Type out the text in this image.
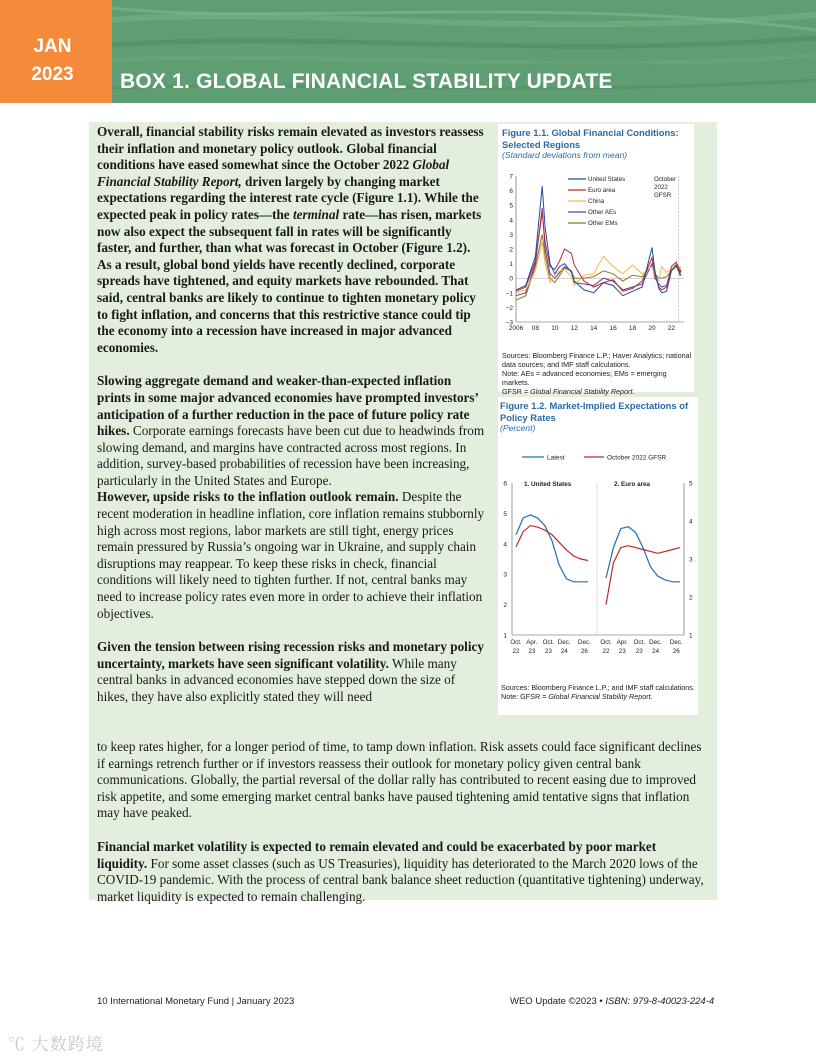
JAN
2023	BOX 1. GLOBAL FINANCIAL STABILITY UPDATE

Overall, financial stability risks remain elevated as investors reassess their inflation and monetary policy outlook. Global financial conditions have eased somewhat since the October 2022 Global Financial Stability Report, driven largely by changing market expectations regarding the interest rate cycle (Figure 1.1). While the expected peak in policy rates—the terminal rate—has risen, markets now also expect the subsequent fall in rates will be significantly faster, and further, than what was forecast in October (Figure 1.2). As a result, global bond yields have recently declined, corporate spreads have tightened, and equity markets have rebounded. That said, central banks are likely to continue to tighten monetary policy to fight inflation, and concerns that this restrictive stance could tip the economy into a recession have increased in major advanced economies.

Slowing aggregate demand and weaker-than-expected inflation prints in some major advanced economies have prompted investors’ anticipation of a further reduction in the pace of future policy rate hikes. Corporate earnings forecasts have been cut due to headwinds from slowing demand, and margins have contracted across most regions. In addition, survey-based probabilities of recession have been increasing, particularly in the United States and Europe.

However, upside risks to the inflation outlook remain. Despite the recent moderation in headline inflation, core inflation remains stubbornly high across most regions, labor markets are still tight, energy prices remain pressured by Russia’s ongoing war in Ukraine, and supply chain disruptions may reappear. To keep these risks in check, financial conditions will likely need to tighten further. If not, central banks may need to increase policy rates even more in order to achieve their inflation objectives.

Given the tension between rising recession risks and monetary policy uncertainty, markets have seen significant volatility. While many central banks in advanced economies have stepped down the size of hikes, they have also explicitly stated they will need

to keep rates higher, for a longer period of time, to tamp down inflation. Risk assets could face significant declines if earnings retrench further or if investors reassess their outlook for monetary policy given central bank communications. Globally, the partial reversal of the dollar rally has contributed to recent easing due to improved risk appetite, and some emerging market central banks have paused tightening amid tentative signs that inflation may have peaked.

Financial market volatility is expected to remain elevated and could be exacerbated by poor market liquidity. For some asset classes (such as US Treasuries), liquidity has deteriorated to the March 2020 lows of the COVID-19 pandemic. With the process of central bank balance sheet reduction (quantitative tightening) underway, market liquidity is expected to remain challenging.

Figure 1.1. Global Financial Conditions:
Selected Regions
(Standard deviations from mean)
7
6
5
4
3
2
1
0
−1
−2
−3
2006 08 10 12 14 16 18 20 22
October
2022
GFSR
United States
Euro area
China
Other AEs
Other EMs
Sources: Bloomberg Finance L.P.; Haver Analytics; national
data sources; and IMF staff calculations.
Note: AEs = advanced economies; EMs = emerging markets.
GFSR = Global Financial Stability Report.
Figure 1.2. Market-Implied Expectations of
Policy Rates
(Percent)
Latest	October 2022 GFSR
1. United States
6
5
4
3
2
1
Oct.
22
Apr.
23
Oct.
23
Dec.
24
Dec.
26
2. Euro area	5
4
3
2
1
Oct.
22
Apr.
23
Oct.
23
Dec.
24
Dec.
26
Sources: Bloomberg Finance L.P.; and IMF staff calculations.
Note: GFSR = Global Financial Stability Report.
10 International Monetary Fund | January 2023	WEO Update ©2023 • ISBN: 979-8-40023-224-4
℃ 大数跨境
